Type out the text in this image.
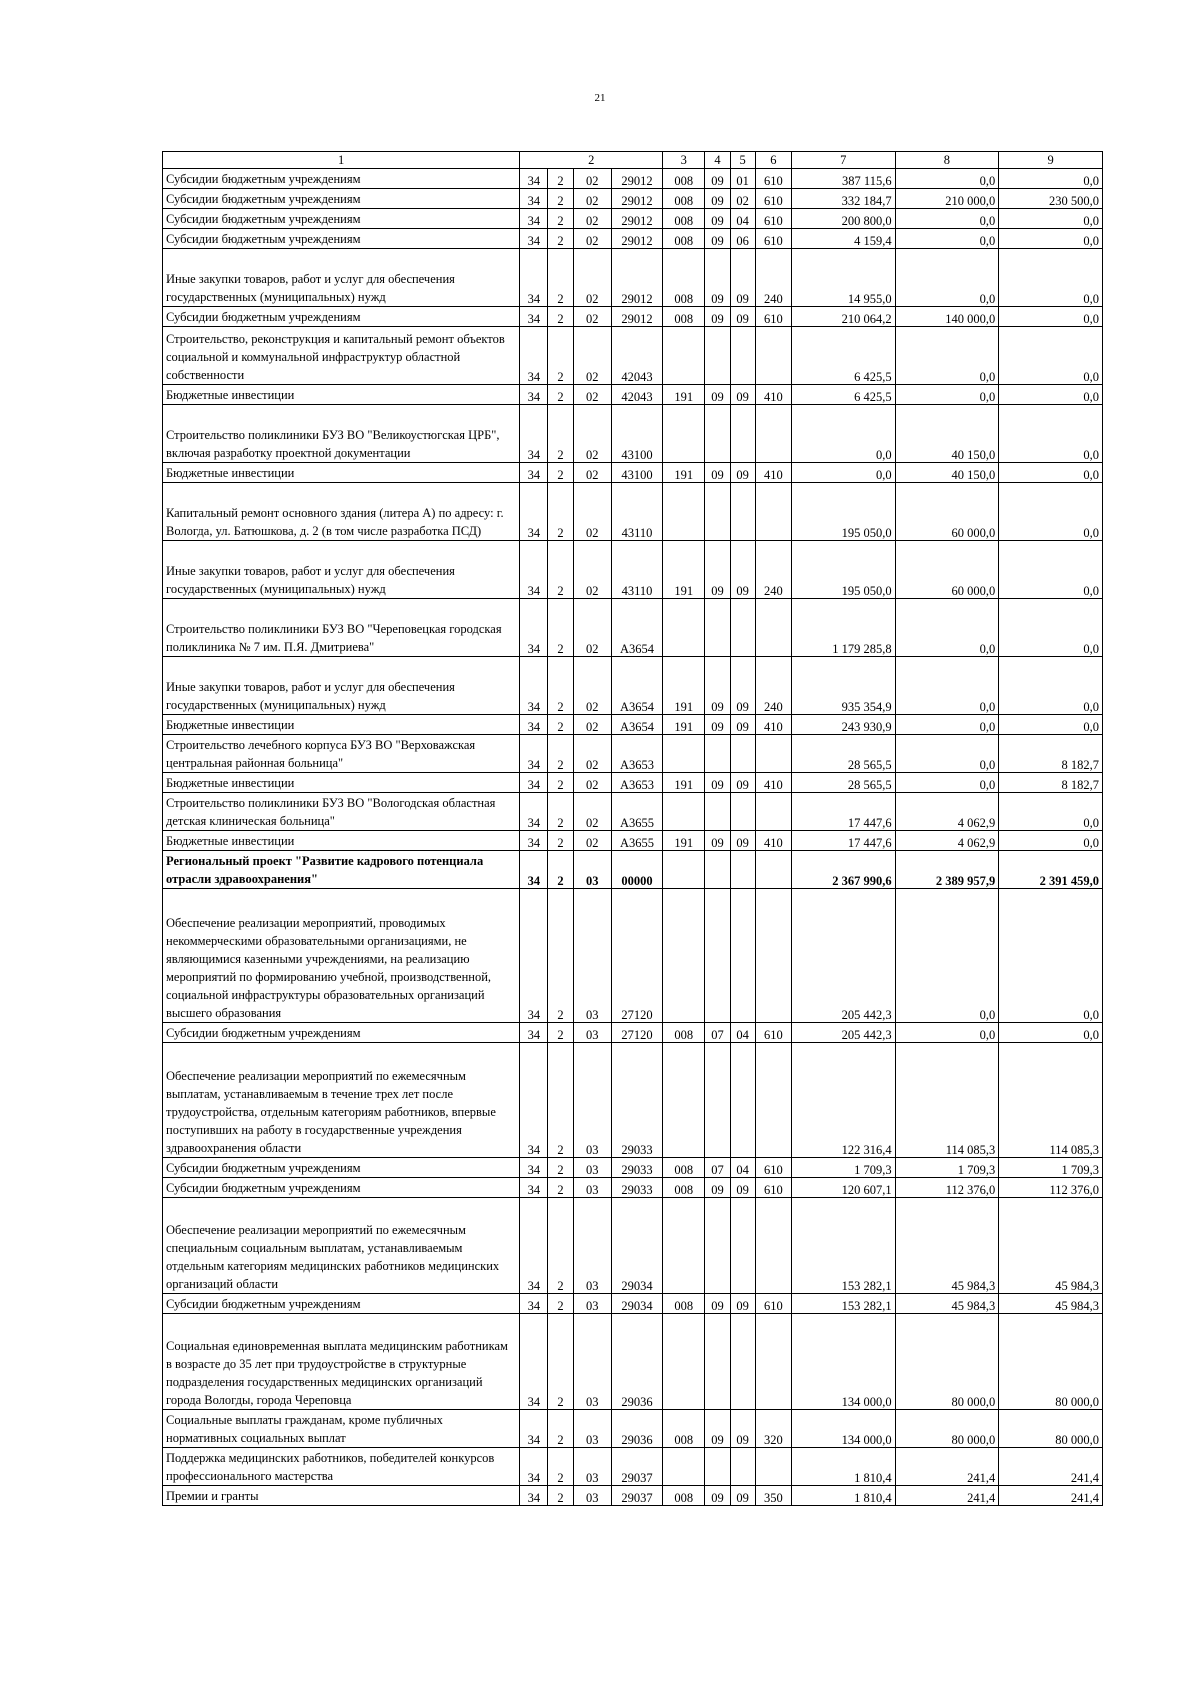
21
1	2				3	4	5	6	7	8	9
Субсидии бюджетным учреждениям	34	2	02	29012	008	09	01	610	387 115,6	0,0	0,0
Субсидии бюджетным учреждениям	34	2	02	29012	008	09	02	610	332 184,7	210 000,0	230 500,0
Субсидии бюджетным учреждениям	34	2	02	29012	008	09	04	610	200 800,0	0,0	0,0
Субсидии бюджетным учреждениям	34	2	02	29012	008	09	06	610	4 159,4	0,0	0,0
Иные закупки товаров, работ и услуг для обеспечения государственных (муниципальных) нужд	34	2	02	29012	008	09	09	240	14 955,0	0,0	0,0
Субсидии бюджетным учреждениям	34	2	02	29012	008	09	09	610	210 064,2	140 000,0	0,0
Строительство, реконструкция и капитальный ремонт объектов социальной и коммунальной инфраструктур областной собственности	34	2	02	42043					6 425,5	0,0	0,0
Бюджетные инвестиции	34	2	02	42043	191	09	09	410	6 425,5	0,0	0,0
Строительство поликлиники БУЗ ВО "Великоустюгская ЦРБ", включая разработку проектной документации	34	2	02	43100					0,0	40 150,0	0,0
Бюджетные инвестиции	34	2	02	43100	191	09	09	410	0,0	40 150,0	0,0
Капитальный ремонт основного здания (литера А) по адресу: г. Вологда, ул. Батюшкова, д. 2 (в том числе разработка ПСД)	34	2	02	43110					195 050,0	60 000,0	0,0
Иные закупки товаров, работ и услуг для обеспечения государственных (муниципальных) нужд	34	2	02	43110	191	09	09	240	195 050,0	60 000,0	0,0
Строительство поликлиники БУЗ ВО "Череповецкая городская поликлиника № 7 им. П.Я. Дмитриева"	34	2	02	А3654					1 179 285,8	0,0	0,0
Иные закупки товаров, работ и услуг для обеспечения государственных (муниципальных) нужд	34	2	02	А3654	191	09	09	240	935 354,9	0,0	0,0
Бюджетные инвестиции	34	2	02	А3654	191	09	09	410	243 930,9	0,0	0,0
Строительство лечебного корпуса БУЗ ВО "Верховажская центральная районная больница"	34	2	02	А3653					28 565,5	0,0	8 182,7
Бюджетные инвестиции	34	2	02	А3653	191	09	09	410	28 565,5	0,0	8 182,7
Строительство поликлиники БУЗ ВО "Вологодская областная детская клиническая больница"	34	2	02	А3655					17 447,6	4 062,9	0,0
Бюджетные инвестиции	34	2	02	А3655	191	09	09	410	17 447,6	4 062,9	0,0
Региональный проект "Развитие кадрового потенциала отрасли здравоохранения"	34	2	03	00000					2 367 990,6	2 389 957,9	2 391 459,0
Обеспечение реализации мероприятий, проводимых некоммерческими образовательными организациями, не являющимися казенными учреждениями, на реализацию мероприятий по формированию учебной, производственной, социальной инфраструктуры образовательных организаций высшего образования	34	2	03	27120					205 442,3	0,0	0,0
Субсидии бюджетным учреждениям	34	2	03	27120	008	07	04	610	205 442,3	0,0	0,0
Обеспечение реализации мероприятий по ежемесячным выплатам, устанавливаемым в течение трех лет после трудоустройства, отдельным категориям работников, впервые поступивших на работу в государственные учреждения здравоохранения области	34	2	03	29033					122 316,4	114 085,3	114 085,3
Субсидии бюджетным учреждениям	34	2	03	29033	008	07	04	610	1 709,3	1 709,3	1 709,3
Субсидии бюджетным учреждениям	34	2	03	29033	008	09	09	610	120 607,1	112 376,0	112 376,0
Обеспечение реализации мероприятий по ежемесячным специальным социальным выплатам, устанавливаемым отдельным категориям медицинских работников медицинских организаций области	34	2	03	29034					153 282,1	45 984,3	45 984,3
Субсидии бюджетным учреждениям	34	2	03	29034	008	09	09	610	153 282,1	45 984,3	45 984,3
Социальная единовременная выплата медицинским работникам в возрасте до 35 лет при трудоустройстве в структурные подразделения государственных медицинских организаций города Вологды, города Череповца	34	2	03	29036					134 000,0	80 000,0	80 000,0
Социальные выплаты гражданам, кроме публичных нормативных социальных выплат	34	2	03	29036	008	09	09	320	134 000,0	80 000,0	80 000,0
Поддержка медицинских работников, победителей конкурсов профессионального мастерства	34	2	03	29037					1 810,4	241,4	241,4
Премии и гранты	34	2	03	29037	008	09	09	350	1 810,4	241,4	241,4
